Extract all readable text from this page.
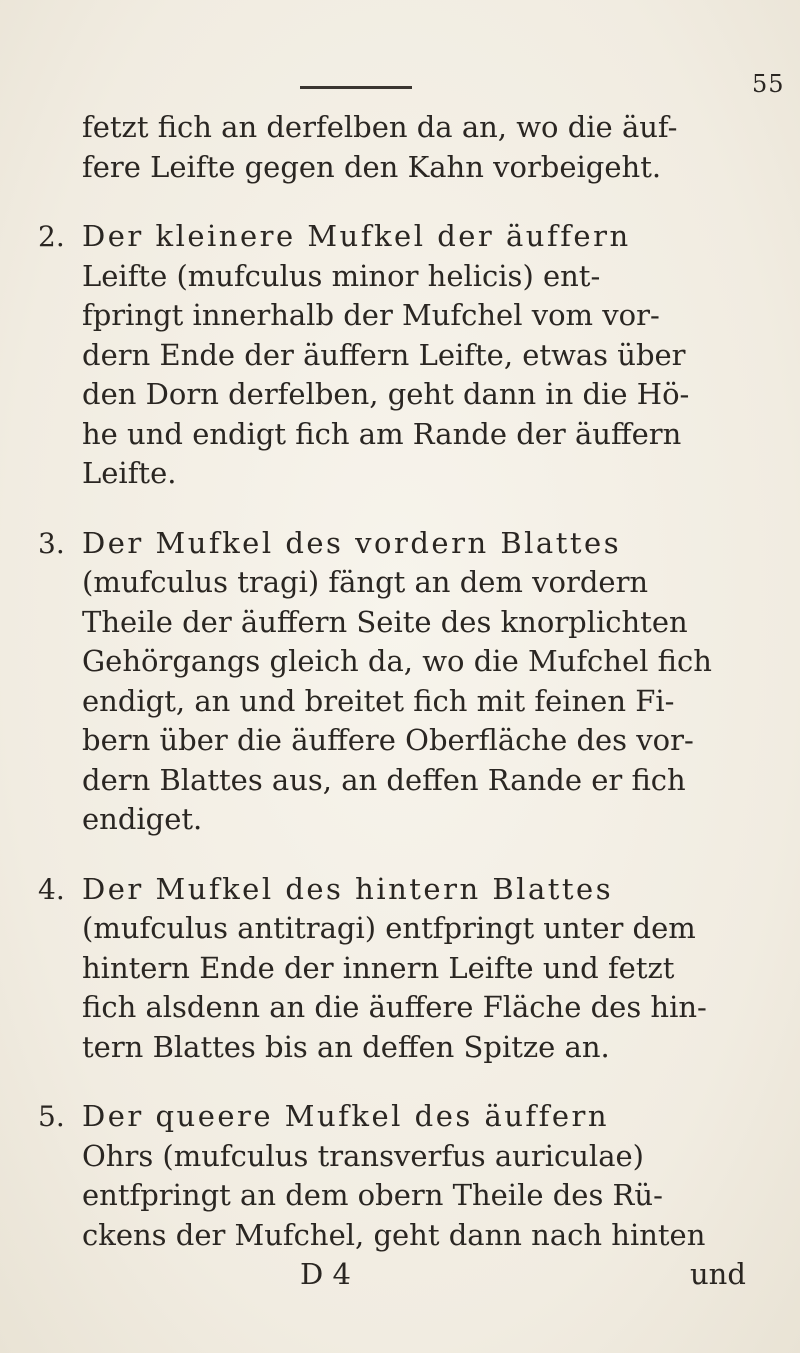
55
fetzt fich an derfelben da an, wo die äuf-
fere Leifte gegen den Kahn vorbeigeht.
2. Der kleinere Mufkel der äuffern
Leifte (mufculus minor helicis) ent-
fpringt innerhalb der Mufchel vom vor-
dern Ende der äuffern Leifte, etwas über
den Dorn derfelben, geht dann in die Hö-
he und endigt fich am Rande der äuffern
Leifte.
3. Der Mufkel des vordern Blattes
(mufculus tragi) fängt an dem vordern
Theile der äuffern Seite des knorplichten
Gehörgangs gleich da, wo die Mufchel fich
endigt, an und breitet fich mit feinen Fi-
bern über die äuffere Oberfläche des vor-
dern Blattes aus, an deffen Rande er fich
endiget.
4. Der Mufkel des hintern Blattes
(mufculus antitragi) entfpringt unter dem
hintern Ende der innern Leifte und fetzt
fich alsdenn an die äuffere Fläche des hin-
tern Blattes bis an deffen Spitze an.
5. Der queere Mufkel des äuffern
Ohrs (mufculus transverfus auriculae)
entfpringt an dem obern Theile des Rü-
ckens der Mufchel, geht dann nach hinten
D 4	und
